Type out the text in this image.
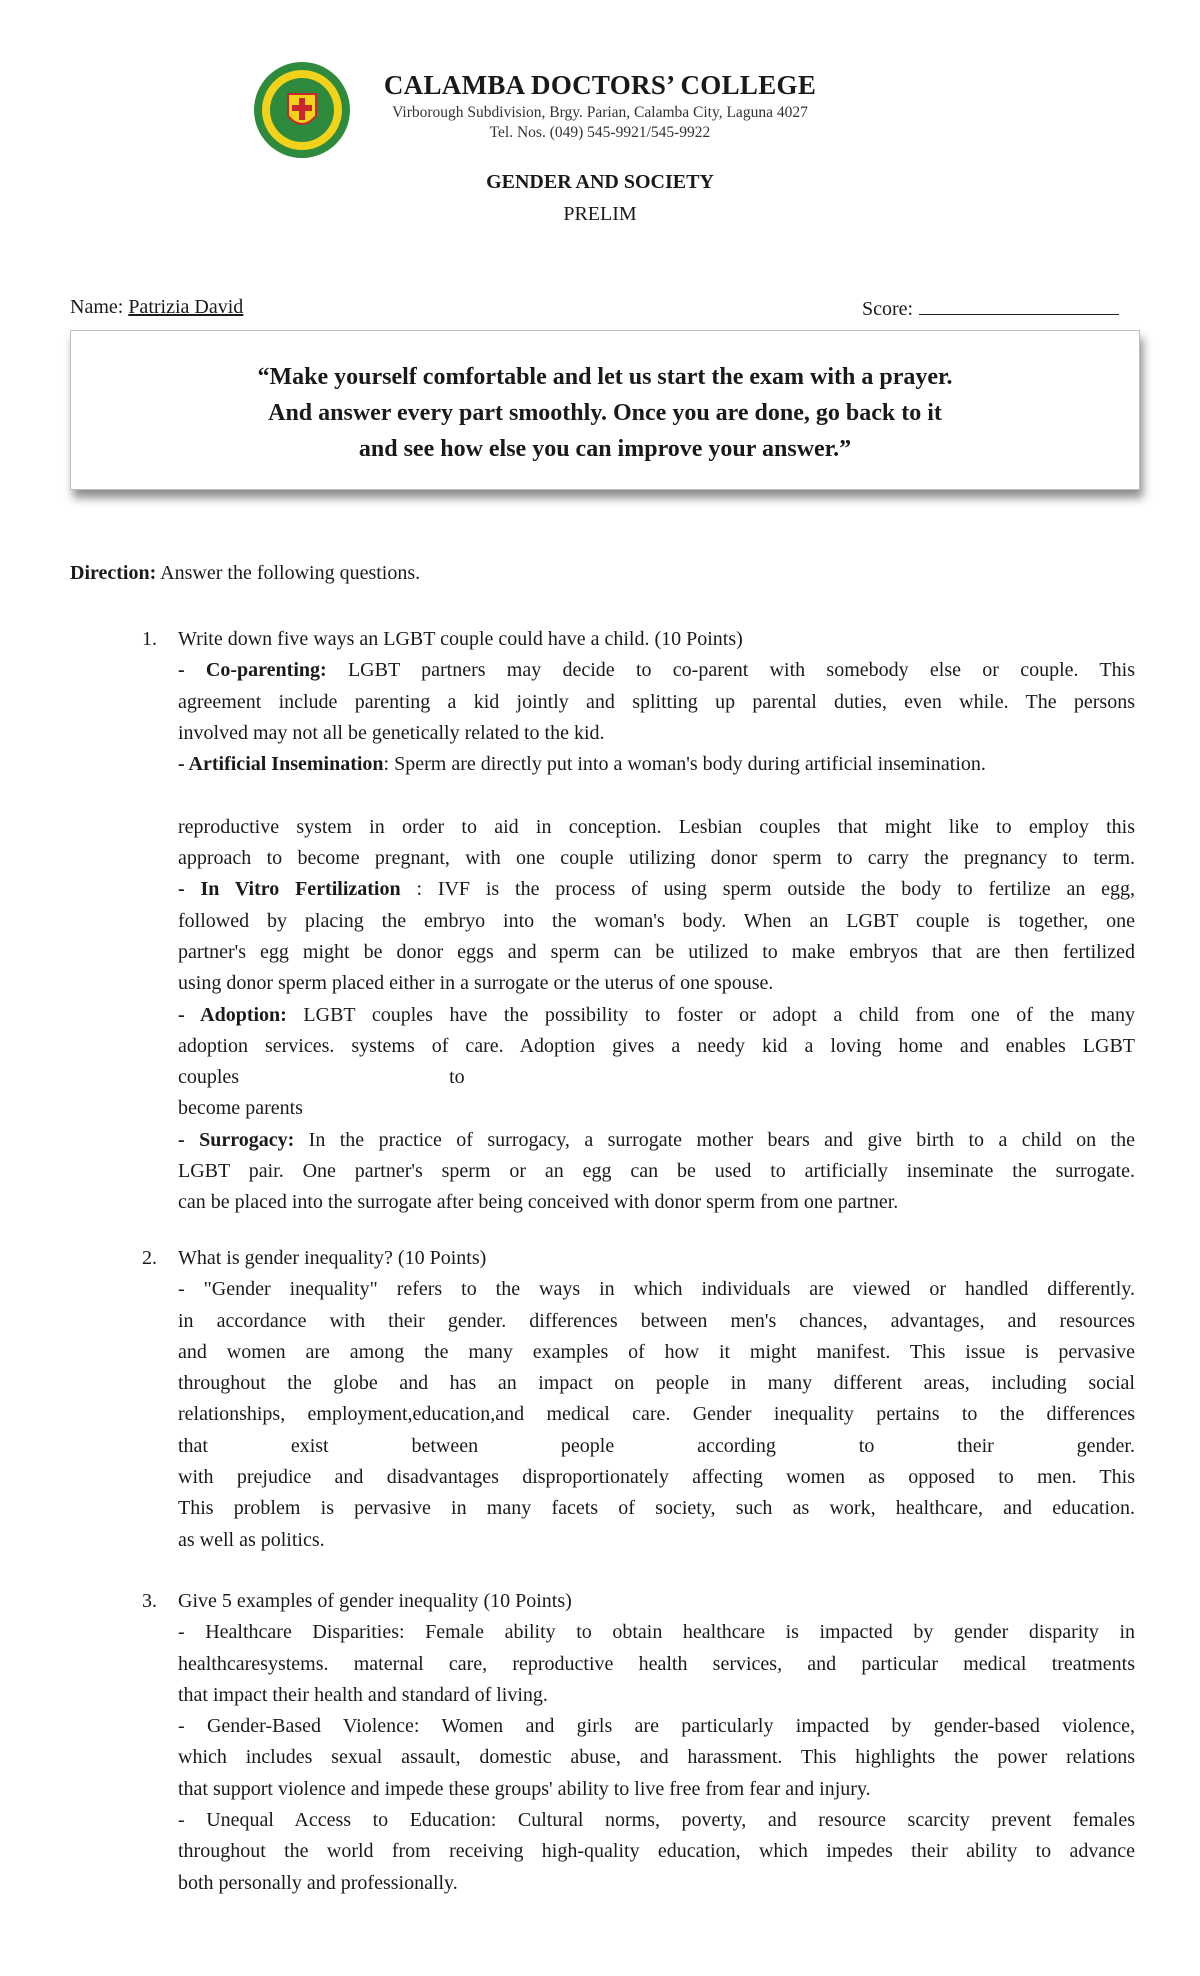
CALAMBA DOCTORS’ COLLEGE
Virborough Subdivision, Brgy. Parian, Calamba City, Laguna 4027
Tel. Nos. (049) 545-9921/545-9922
GENDER AND SOCIETY
PRELIM
Name: Patrizia David	Score:
“Make yourself comfortable and let us start the exam with a prayer.
And answer every part smoothly. Once you are done, go back to it
and see how else you can improve your answer.”
Direction: Answer the following questions.
1. Write down five ways an LGBT couple could have a child. (10 Points)
- Co-parenting: LGBT partners may decide to co-parent with somebody else or couple. This
agreement include parenting a kid jointly and splitting up parental duties, even while. The persons
involved may not all be genetically related to the kid.
- Artificial Insemination: Sperm are directly put into a woman's body during artificial insemination.
reproductive system in order to aid in conception. Lesbian couples that might like to employ this
approach to become pregnant, with one couple utilizing donor sperm to carry the pregnancy to term.
- In Vitro Fertilization : IVF is the process of using sperm outside the body to fertilize an egg,
followed by placing the embryo into the woman's body. When an LGBT couple is together, one
partner's egg might be donor eggs and sperm can be utilized to make embryos that are then fertilized
using donor sperm placed either in a surrogate or the uterus of one spouse.
- Adoption: LGBT couples have the possibility to foster or adopt a child from one of the many
adoption services. systems of care. Adoption gives a needy kid a loving home and enables LGBT
couples                                          to
become parents
- Surrogacy: In the practice of surrogacy, a surrogate mother bears and give birth to a child on the
LGBT pair. One partner's sperm or an egg can be used to artificially inseminate the surrogate.
can be placed into the surrogate after being conceived with donor sperm from one partner.
2. What is gender inequality? (10 Points)
- "Gender inequality" refers to the ways in which individuals are viewed or handled differently.
in accordance with their gender. differences between men's chances, advantages, and resources
and women are among the many examples of how it might manifest. This issue is pervasive
throughout the globe and has an impact on people in many different areas, including social
relationships, employment,education,and medical care. Gender inequality pertains to the differences
that exist between people according to their gender.
with prejudice and disadvantages disproportionately affecting women as opposed to men. This
This problem is pervasive in many facets of society, such as work, healthcare, and education.
as well as politics.
3. Give 5 examples of gender inequality (10 Points)
- Healthcare Disparities: Female ability to obtain healthcare is impacted by gender disparity in
healthcaresystems. maternal care, reproductive health services, and particular medical treatments
that impact their health and standard of living.
- Gender-Based Violence: Women and girls are particularly impacted by gender-based violence,
which includes sexual assault, domestic abuse, and harassment. This highlights the power relations
that support violence and impede these groups' ability to live free from fear and injury.
- Unequal Access to Education: Cultural norms, poverty, and resource scarcity prevent females
throughout the world from receiving high-quality education, which impedes their ability to advance
both personally and professionally.
